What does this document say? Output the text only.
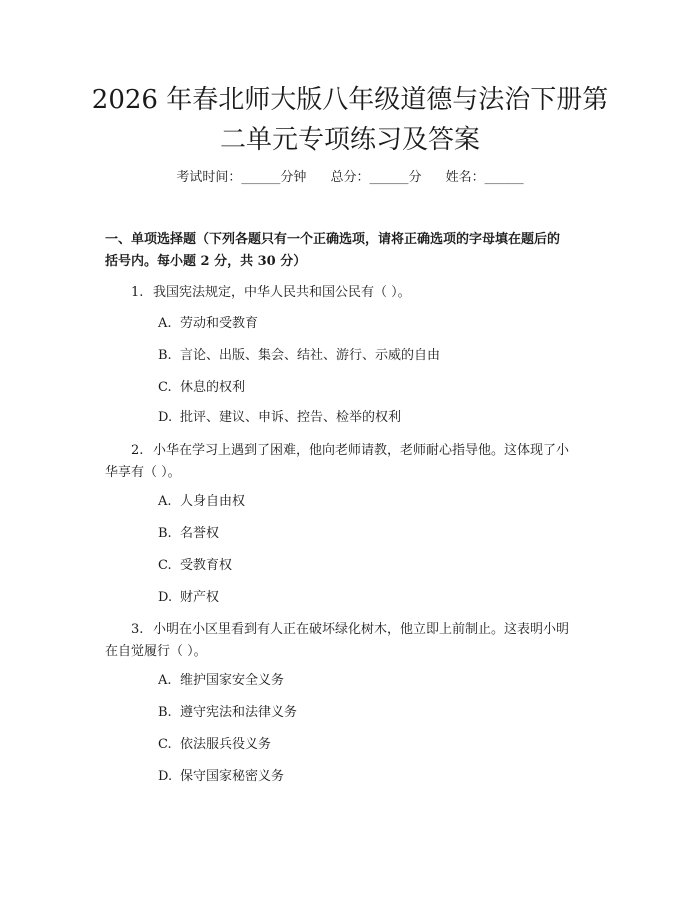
2026 年春北师大版八年级道德与法治下册第
二单元专项练习及答案
考试时间：______分钟 总分：______分 姓名：______

一、单项选择题（下列各题只有一个正确选项，请将正确选项的字母填在题后的
括号内。每小题 2 分，共 30 分）

1. 我国宪法规定，中华人民共和国公民有（ ）。

A. 劳动和受教育

B. 言论、出版、集会、结社、游行、示威的自由

C. 休息的权利

D. 批评、建议、申诉、控告、检举的权利

2. 小华在学习上遇到了困难，他向老师请教，老师耐心指导他。这体现了小
华享有（ ）。

A. 人身自由权

B. 名誉权

C. 受教育权

D. 财产权

3. 小明在小区里看到有人正在破坏绿化树木，他立即上前制止。这表明小明
在自觉履行（ ）。

A. 维护国家安全义务

B. 遵守宪法和法律义务

C. 依法服兵役义务

D. 保守国家秘密义务
